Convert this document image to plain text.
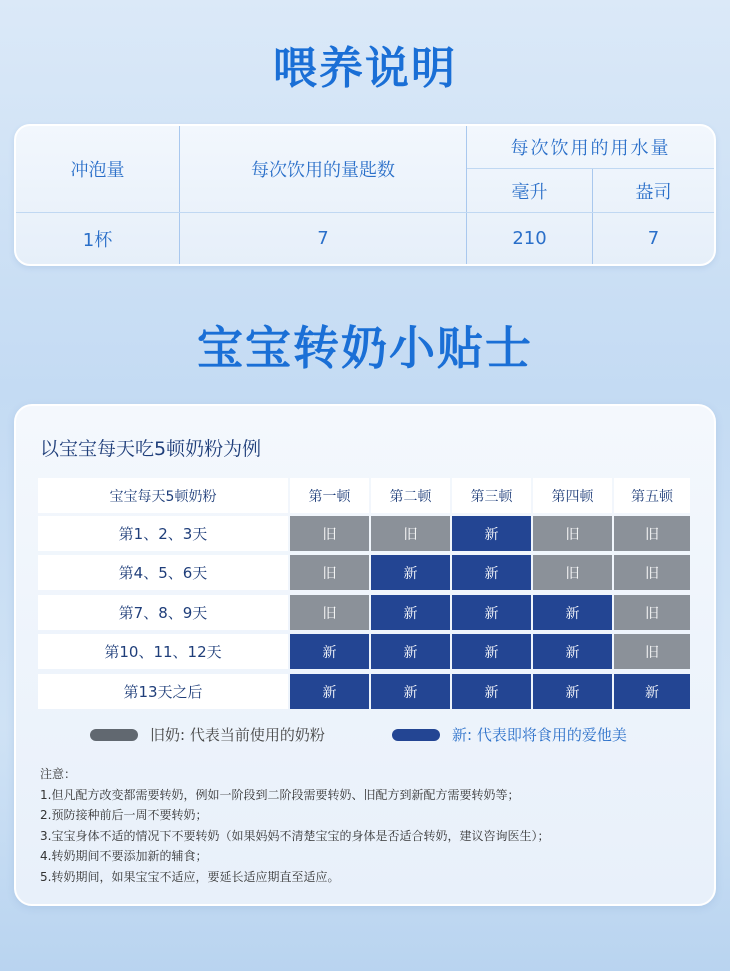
喂养说明
冲泡量	每次饮用的量匙数
每次饮用的用水量
毫升	盎司
1杯	7	210	7
宝宝转奶小贴士
以宝宝每天吃5顿奶粉为例
宝宝每天5顿奶粉	第一顿	第二顿	第三顿	第四顿	第五顿
第1、2、3天	旧	旧	新	旧	旧
第4、5、6天	旧	新	新	旧	旧
第7、8、9天	旧	新	新	新	旧
第10、11、12天	新	新	新	新	旧
第13天之后	新	新	新	新	新
旧奶: 代表当前使用的奶粉	新: 代表即将食用的爱他美
注意：
1.但凡配方改变都需要转奶，例如一阶段到二阶段需要转奶、旧配方到新配方需要转奶等；
2.预防接种前后一周不要转奶；
3.宝宝身体不适的情况下不要转奶（如果妈妈不清楚宝宝的身体是否适合转奶，建议咨询医生）；
4.转奶期间不要添加新的辅食；
5.转奶期间，如果宝宝不适应，要延长适应期直至适应。
